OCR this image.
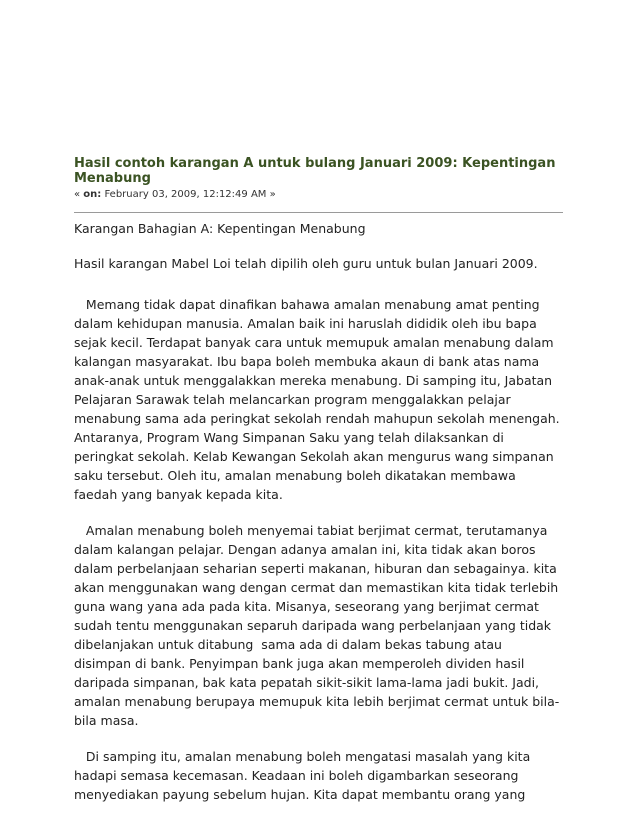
Hasil contoh karangan A untuk bulang Januari 2009: Kepentingan
Menabung
« on: February 03, 2009, 12:12:49 AM »
Karangan Bahagian A: Kepentingan Menabung
Hasil karangan Mabel Loi telah dipilih oleh guru untuk bulan Januari 2009.
Memang tidak dapat dinafikan bahawa amalan menabung amat penting
dalam kehidupan manusia. Amalan baik ini haruslah dididik oleh ibu bapa
sejak kecil. Terdapat banyak cara untuk memupuk amalan menabung dalam
kalangan masyarakat. Ibu bapa boleh membuka akaun di bank atas nama
anak-anak untuk menggalakkan mereka menabung. Di samping itu, Jabatan
Pelajaran Sarawak telah melancarkan program menggalakkan pelajar
menabung sama ada peringkat sekolah rendah mahupun sekolah menengah.
Antaranya, Program Wang Simpanan Saku yang telah dilaksankan di
peringkat sekolah. Kelab Kewangan Sekolah akan mengurus wang simpanan
saku tersebut. Oleh itu, amalan menabung boleh dikatakan membawa
faedah yang banyak kepada kita.
Amalan menabung boleh menyemai tabiat berjimat cermat, terutamanya
dalam kalangan pelajar. Dengan adanya amalan ini, kita tidak akan boros
dalam perbelanjaan seharian seperti makanan, hiburan dan sebagainya. kita
akan menggunakan wang dengan cermat dan memastikan kita tidak terlebih
guna wang yana ada pada kita. Misanya, seseorang yang berjimat cermat
sudah tentu menggunakan separuh daripada wang perbelanjaan yang tidak
dibelanjakan untuk ditabung  sama ada di dalam bekas tabung atau
disimpan di bank. Penyimpan bank juga akan memperoleh dividen hasil
daripada simpanan, bak kata pepatah sikit-sikit lama-lama jadi bukit. Jadi,
amalan menabung berupaya memupuk kita lebih berjimat cermat untuk bila-
bila masa.
Di samping itu, amalan menabung boleh mengatasi masalah yang kita
hadapi semasa kecemasan. Keadaan ini boleh digambarkan seseorang
menyediakan payung sebelum hujan. Kita dapat membantu orang yang
